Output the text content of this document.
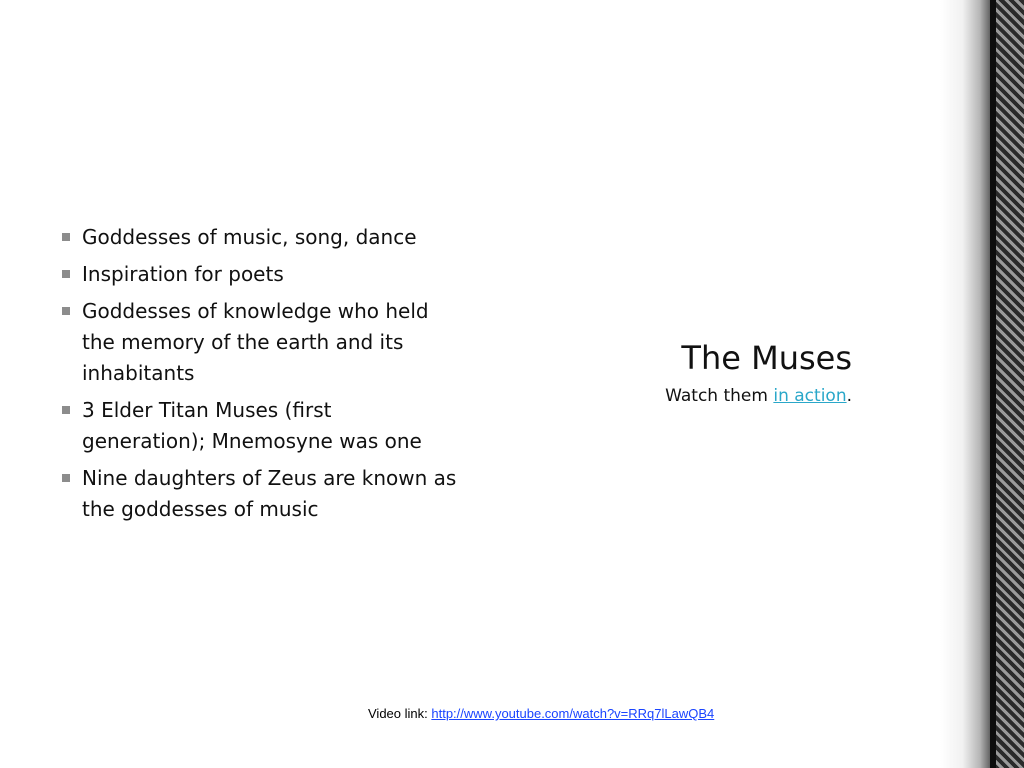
Goddesses of music, song, dance
Inspiration for poets
Goddesses of knowledge who held the memory of the earth and its inhabitants
3 Elder Titan Muses (first generation); Mnemosyne was one
Nine daughters of Zeus are known as the goddesses of music
The Muses
Watch them in action.
Video link: http://www.youtube.com/watch?v=RRq7lLawQB4
